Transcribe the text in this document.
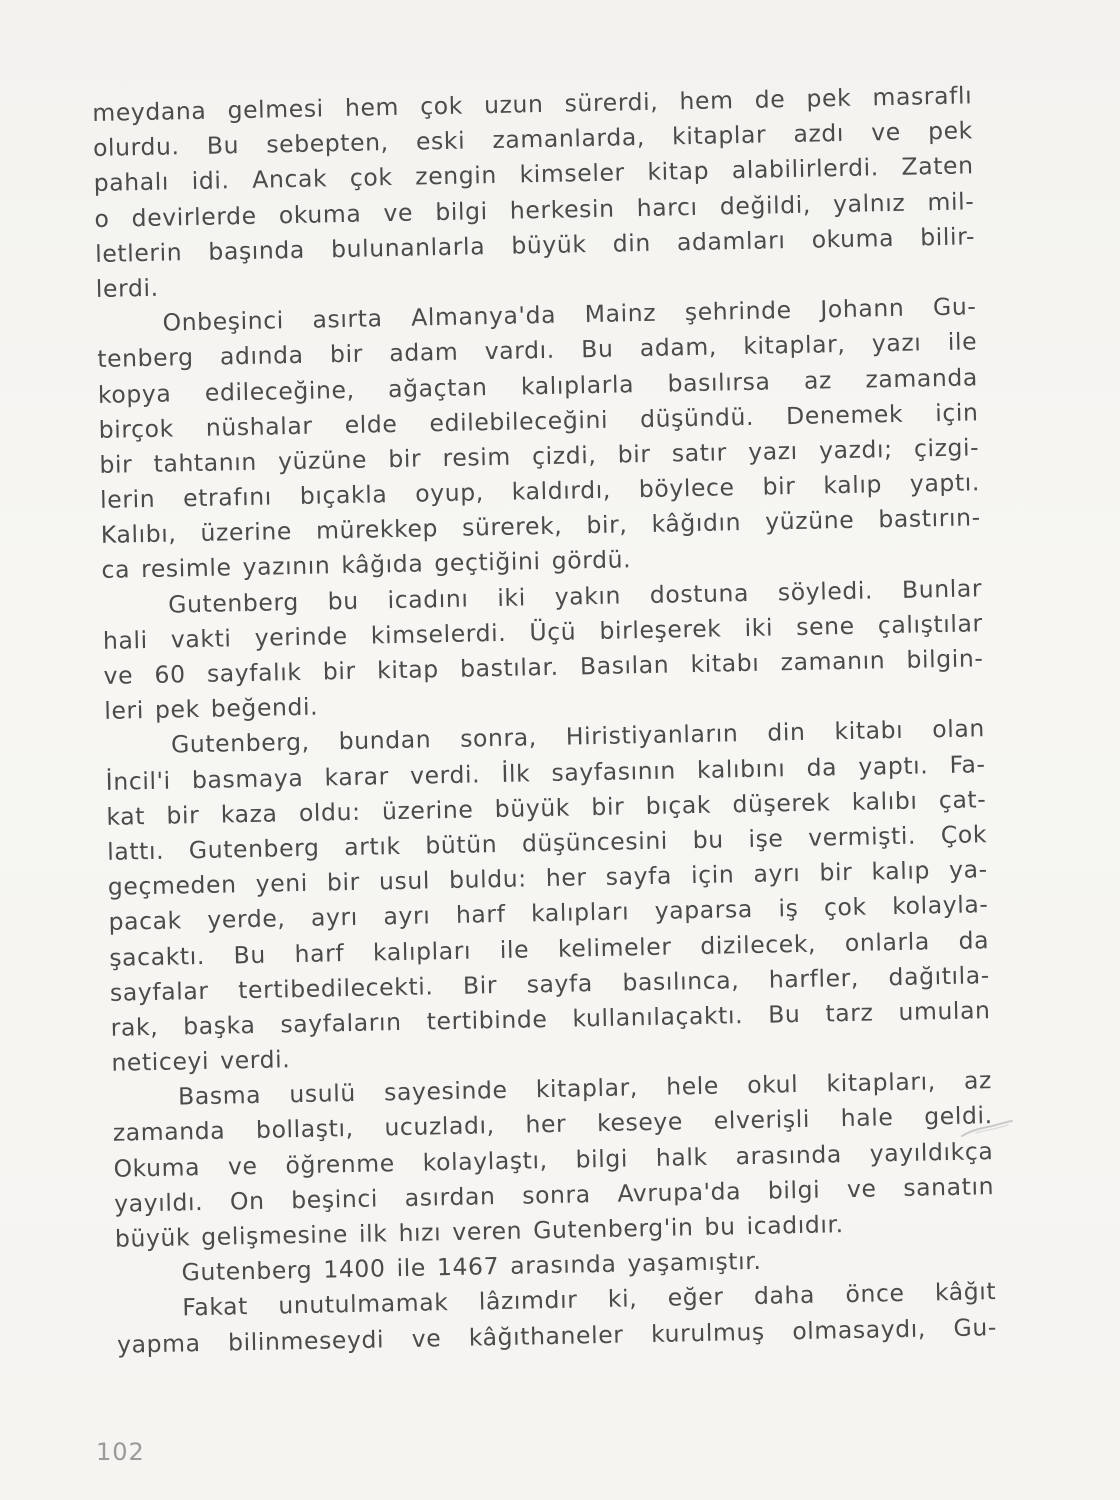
meydana gelmesi hem çok uzun sürerdi, hem de pek masraflı
olurdu. Bu sebepten, eski zamanlarda, kitaplar azdı ve pek
pahalı idi. Ancak çok zengin kimseler kitap alabilirlerdi. Zaten
o devirlerde okuma ve bilgi herkesin harcı değildi, yalnız mil-
letlerin başında bulunanlarla büyük din adamları okuma bilir-
lerdi.
Onbeşinci asırta Almanya'da Mainz şehrinde Johann Gu-
tenberg adında bir adam vardı. Bu adam, kitaplar, yazı ile
kopya edileceğine, ağaçtan kalıplarla basılırsa az zamanda
birçok nüshalar elde edilebileceğini düşündü. Denemek için
bir tahtanın yüzüne bir resim çizdi, bir satır yazı yazdı; çizgi-
lerin etrafını bıçakla oyup, kaldırdı, böylece bir kalıp yaptı.
Kalıbı, üzerine mürekkep sürerek, bir, kâğıdın yüzüne bastırın-
ca resimle yazının kâğıda geçtiğini gördü.
Gutenberg bu icadını iki yakın dostuna söyledi. Bunlar
hali vakti yerinde kimselerdi. Üçü birleşerek iki sene çalıştılar
ve 60 sayfalık bir kitap bastılar. Basılan kitabı zamanın bilgin-
leri pek beğendi.
Gutenberg, bundan sonra, Hiristiyanların din kitabı olan
İncil'i basmaya karar verdi. İlk sayfasının kalıbını da yaptı. Fa-
kat bir kaza oldu: üzerine büyük bir bıçak düşerek kalıbı çat-
lattı. Gutenberg artık bütün düşüncesini bu işe vermişti. Çok
geçmeden yeni bir usul buldu: her sayfa için ayrı bir kalıp ya-
pacak yerde, ayrı ayrı harf kalıpları yaparsa iş çok kolayla-
şacaktı. Bu harf kalıpları ile kelimeler dizilecek, onlarla da
sayfalar tertibedilecekti. Bir sayfa basılınca, harfler, dağıtıla-
rak, başka sayfaların tertibinde kullanılaçaktı. Bu tarz umulan
neticeyi verdi.
Basma usulü sayesinde kitaplar, hele okul kitapları, az
zamanda bollaştı, ucuzladı, her keseye elverişli hale geldi.
Okuma ve öğrenme kolaylaştı, bilgi halk arasında yayıldıkça
yayıldı. On beşinci asırdan sonra Avrupa'da bilgi ve sanatın
büyük gelişmesine ilk hızı veren Gutenberg'in bu icadıdır.
Gutenberg 1400 ile 1467 arasında yaşamıştır.
Fakat unutulmamak lâzımdır ki, eğer daha önce kâğıt
yapma bilinmeseydi ve kâğıthaneler kurulmuş olmasaydı, Gu-
102
